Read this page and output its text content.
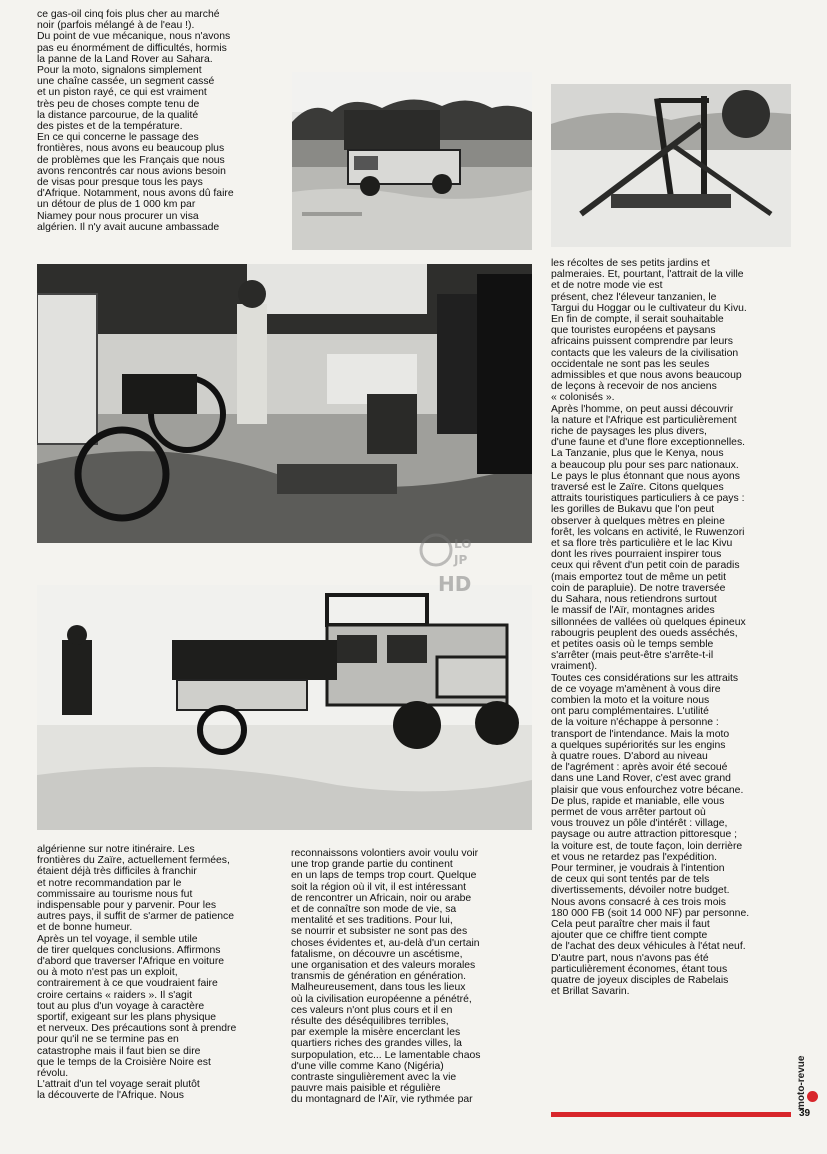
ce gas-oil cinq fois plus cher au marché
noir (parfois mélangé à de l'eau !).
Du point de vue mécanique, nous n'avons
pas eu énormément de difficultés, hormis
la panne de la Land Rover au Sahara.
Pour la moto, signalons simplement
une chaîne cassée, un segment cassé
et un piston rayé, ce qui est vraiment
très peu de choses compte tenu de
la distance parcourue, de la qualité
des pistes et de la température.
En ce qui concerne le passage des
frontières, nous avons eu beaucoup plus
de problèmes que les Français que nous
avons rencontrés car nous avions besoin
de visas pour presque tous les pays
d'Afrique. Notamment, nous avons dû faire
un détour de plus de 1 000 km par
Niamey pour nous procurer un visa
algérien. Il n'y avait aucune ambassade

les récoltes de ses petits jardins et
palmeraies. Et, pourtant, l'attrait de la ville
et de notre mode vie est
présent, chez l'éleveur tanzanien, le
Targui du Hoggar ou le cultivateur du Kivu.
En fin de compte, il serait souhaitable
que touristes européens et paysans
africains puissent comprendre par leurs
contacts que les valeurs de la civilisation
occidentale ne sont pas les seules
admissibles et que nous avons beaucoup
de leçons à recevoir de nos anciens
« colonisés ».
Après l'homme, on peut aussi découvrir
la nature et l'Afrique est particulièrement
riche de paysages les plus divers,
d'une faune et d'une flore exceptionnelles.
La Tanzanie, plus que le Kenya, nous
a beaucoup plu pour ses parc nationaux.
Le pays le plus étonnant que nous ayons
traversé est le Zaïre. Citons quelques
attraits touristiques particuliers à ce pays :
les gorilles de Bukavu que l'on peut
observer à quelques mètres en pleine
forêt, les volcans en activité, le Ruwenzori
et sa flore très particulière et le lac Kivu
dont les rives pourraient inspirer tous
ceux qui rêvent d'un petit coin de paradis
(mais emportez tout de même un petit
coin de parapluie). De notre traversée
du Sahara, nous retiendrons surtout
le massif de l'Aïr, montagnes arides
sillonnées de vallées où quelques épineux
rabougris peuplent des oueds asséchés,
et petites oasis où le temps semble
s'arrêter (mais peut-être s'arrête-t-il
vraiment).
Toutes ces considérations sur les attraits
de ce voyage m'amènent à vous dire
combien la moto et la voiture nous
ont paru complémentaires. L'utilité
de la voiture n'échappe à personne :
transport de l'intendance. Mais la moto
a quelques supériorités sur les engins
à quatre roues. D'abord au niveau
de l'agrément : après avoir été secoué
dans une Land Rover, c'est avec grand
plaisir que vous enfourchez votre bécane.
De plus, rapide et maniable, elle vous
permet de vous arrêter partout où
vous trouvez un pôle d'intérêt : village,
paysage ou autre attraction pittoresque ;
la voiture est, de toute façon, loin derrière
et vous ne retardez pas l'expédition.
Pour terminer, je voudrais à l'intention
de ceux qui sont tentés par de tels
divertissements, dévoiler notre budget.
Nous avons consacré à ces trois mois
180 000 FB (soit 14 000 NF) par personne.
Cela peut paraître cher mais il faut
ajouter que ce chiffre tient compte
de l'achat des deux véhicules à l'état neuf.
D'autre part, nous n'avons pas été
particulièrement économes, étant tous
quatre de joyeux disciples de Rabelais
et Brillat Savarin.

algérienne sur notre itinéraire. Les
frontières du Zaïre, actuellement fermées,
étaient déjà très difficiles à franchir
et notre recommandation par le
commissaire au tourisme nous fut
indispensable pour y parvenir. Pour les
autres pays, il suffit de s'armer de patience
et de bonne humeur.
Après un tel voyage, il semble utile
de tirer quelques conclusions. Affirmons
d'abord que traverser l'Afrique en voiture
ou à moto n'est pas un exploit,
contrairement à ce que voudraient faire
croire certains « raiders ». Il s'agit
tout au plus d'un voyage à caractère
sportif, exigeant sur les plans physique
et nerveux. Des précautions sont à prendre
pour qu'il ne se termine pas en
catastrophe mais il faut bien se dire
que le temps de la Croisière Noire est
révolu.
L'attrait d'un tel voyage serait plutôt
la découverte de l'Afrique. Nous

reconnaissons volontiers avoir voulu voir
une trop grande partie du continent
en un laps de temps trop court. Quelque
soit la région où il vit, il est intéressant
de rencontrer un Africain, noir ou arabe
et de connaître son mode de vie, sa
mentalité et ses traditions. Pour lui,
se nourrir et subsister ne sont pas des
choses évidentes et, au-delà d'un certain
fatalisme, on découvre un ascétisme,
une organisation et des valeurs morales
transmis de génération en génération.
Malheureusement, dans tous les lieux
où la civilisation européenne a pénétré,
ces valeurs n'ont plus cours et il en
résulte des déséquilibres terribles,
par exemple la misère encerclant les
quartiers riches des grandes villes, la
surpopulation, etc... Le lamentable chaos
d'une ville comme Kano (Nigéria)
contraste singulièrement avec la vie
pauvre mais paisible et régulière
du montagnard de l'Aïr, vie rythmée par

LO
JP
HD
moto-revue
39
